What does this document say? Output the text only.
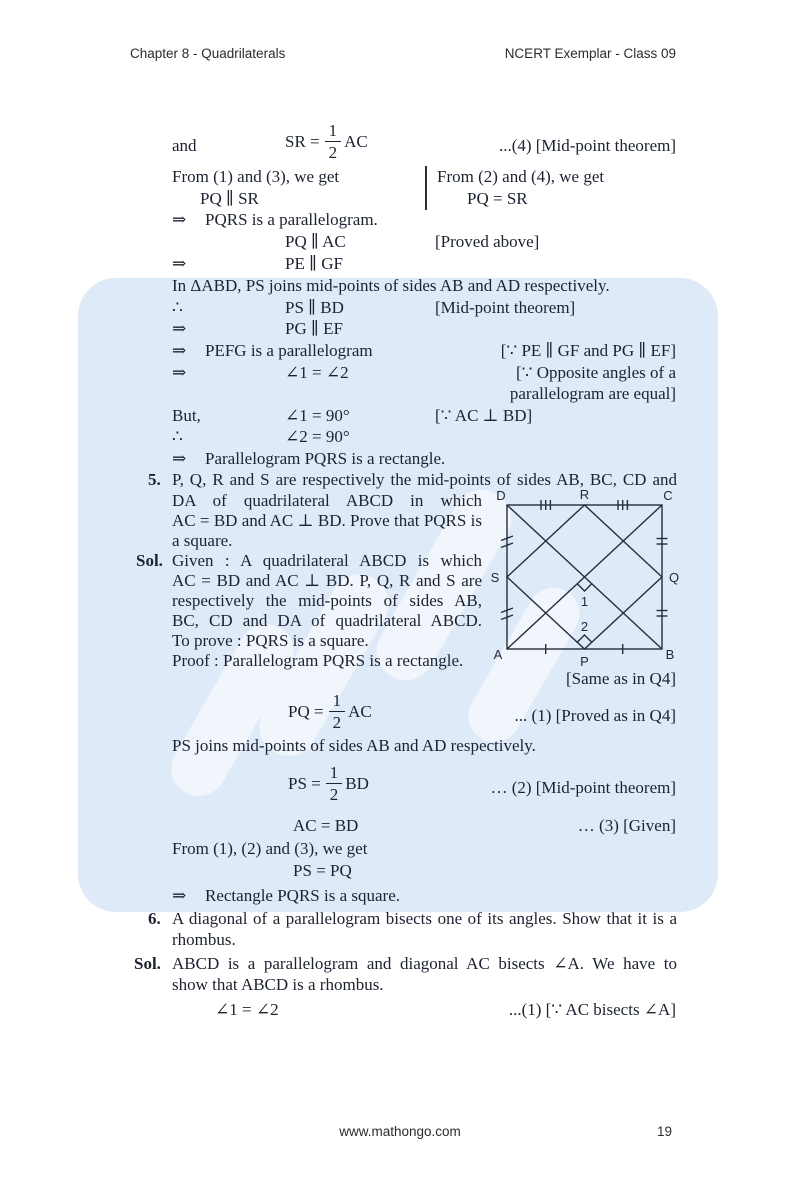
Chapter 8 - Quadrilaterals	NCERT Exemplar - Class 09
and	SR = $\frac{1}{2}$ AC	...(4) [Mid-point theorem]
From (1) and (3), we get	From (2) and (4), we get
PQ ∥ SR	PQ = SR
⇒ PQRS is a parallelogram.
PQ ∥ AC	[Proved above]
⇒	PE ∥ GF
In ΔABD, PS joins mid-points of sides AB and AD respectively.
∴	PS ∥ BD	[Mid-point theorem]
⇒	PG ∥ EF
⇒ PEFG is a parallelogram	[∵ PE ∥ GF and PG ∥ EF]
⇒	∠1 = ∠2	[∵ Opposite angles of a
parallelogram are equal]
But,	∠1 = 90°	[∵ AC ⊥ BD]
∴	∠2 = 90°
⇒ Parallelogram PQRS is a rectangle.
5. P, Q, R and S are respectively the mid-points of sides AB, BC, CD and
DA of quadrilateral ABCD in which
AC = BD and AC ⊥ BD. Prove that PQRS is
a square.
Sol. Given : A quadrilateral ABCD is which
AC = BD and AC ⊥ BD. P, Q, R and S are
respectively the mid-points of sides AB,
BC, CD and DA of quadrilateral ABCD.
To prove : PQRS is a square.
Proof : Parallelogram PQRS is a rectangle.
D	R	C
S	Q
A	P	B
1
2
[Same as in Q4]
PQ = $\frac{1}{2}$ AC	... (1) [Proved as in Q4]
PS joins mid-points of sides AB and AD respectively.
PS = $\frac{1}{2}$ BD	… (2) [Mid-point theorem]
AC = BD	… (3) [Given]
From (1), (2) and (3), we get
PS = PQ
⇒ Rectangle PQRS is a square.
6. A diagonal of a parallelogram bisects one of its angles. Show that it is a
rhombus.
Sol. ABCD is a parallelogram and diagonal AC bisects ∠A. We have to
show that ABCD is a rhombus.
∠1 = ∠2	...(1) [∵ AC bisects ∠A]
www.mathongo.com	19
